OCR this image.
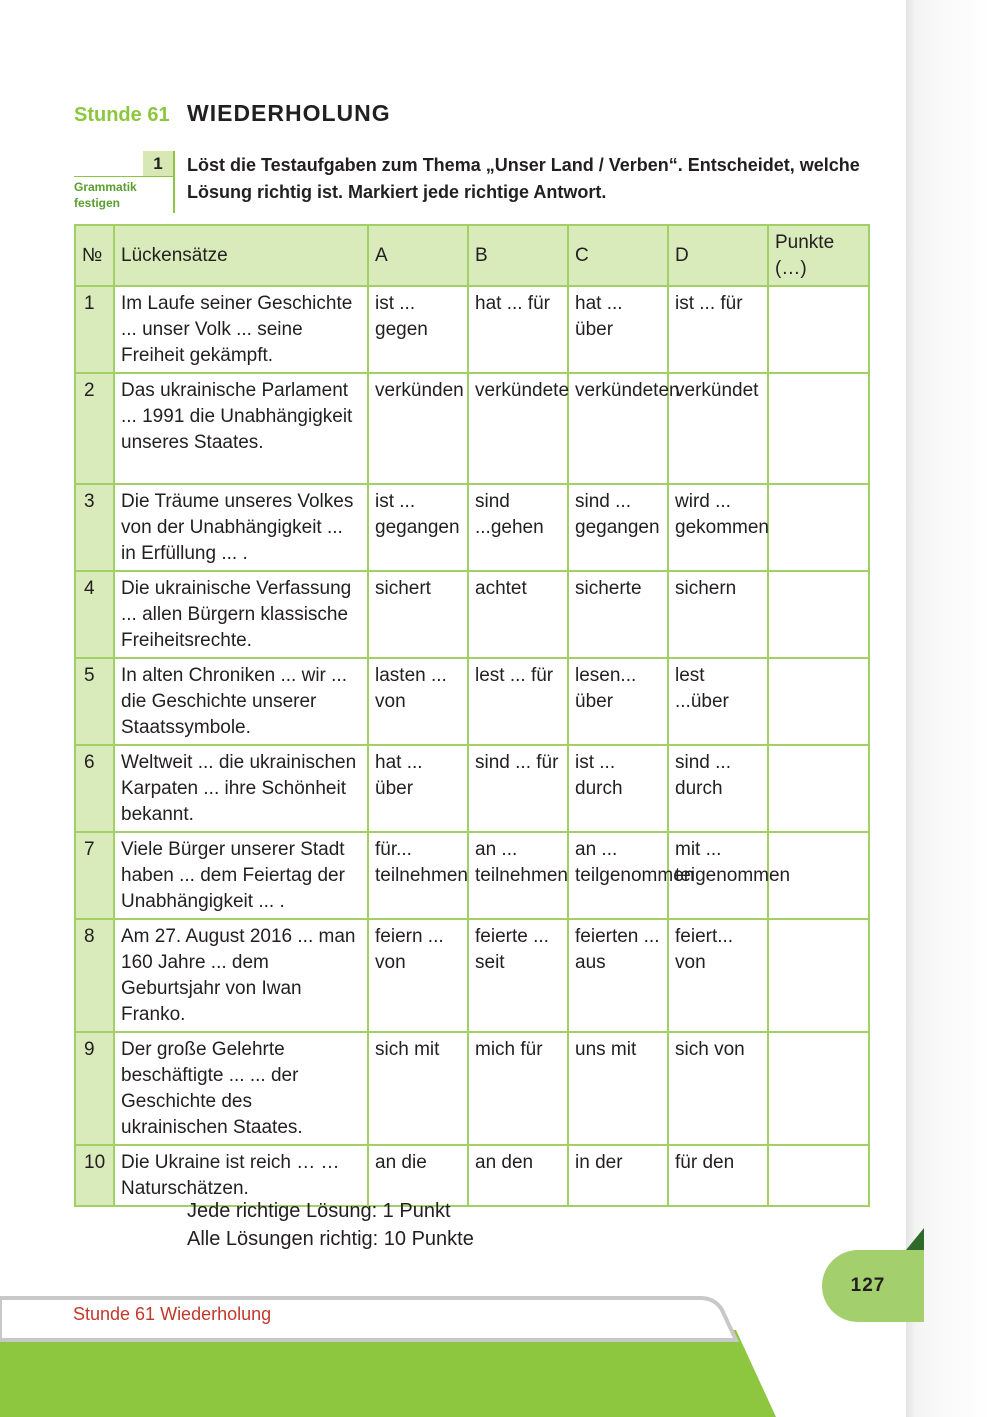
Stunde 61 WIEDERHOLUNG
1
Grammatik festigen
Löst die Testaufgaben zum Thema „Unser Land / Verben“. Entscheidet, welche Lösung richtig ist. Markiert jede richtige Antwort.
№	Lückensätze	A	B	C	D	Punkte (…)
1	Im Laufe seiner Geschichte ... unser Volk ... seine Freiheit gekämpft.	ist ... gegen	hat ... für	hat ... über	ist ... für	
2	Das ukrainische Parlament ... 1991 die Unabhängigkeit unseres Staates.	verkünden	verkündete	verkündeten	verkündet	
3	Die Träume unseres Volkes von der Unabhängigkeit ... in Erfüllung ... .	ist ... gegangen	sind ...gehen	sind ... gegangen	wird ... gekommen	
4	Die ukrainische Verfassung ... allen Bürgern klassische Freiheitsrechte.	sichert	achtet	sicherte	sichern	
5	In alten Chroniken ... wir ... die Geschichte unserer Staatssymbole.	lasten ... von	lest ... für	lesen... über	lest ...über	
6	Weltweit ... die ukrainischen Karpaten ... ihre Schönheit bekannt.	hat ... über	sind ... für	ist ... durch	sind ... durch	
7	Viele Bürger unserer Stadt haben ... dem Feiertag der Unabhängigkeit ... .	für... teilnehmen	an ... teilnehmen	an ... teilgenommen	mit ... teigenommen	
8	Am 27. August 2016 ... man 160 Jahre ... dem Geburtsjahr von Iwan Franko.	feiern ... von	feierte ... seit	feierten ... aus	feiert... von	
9	Der große Gelehrte beschäftigte ... ... der Geschichte des ukrainischen Staates.	sich mit	mich für	uns mit	sich von	
10	Die Ukraine ist reich … … Naturschätzen.	an die	an den	in der	für den	
Jede richtige Lösung: 1 Punkt
Alle Lösungen richtig: 10 Punkte
Stunde 61 Wiederholung
127
